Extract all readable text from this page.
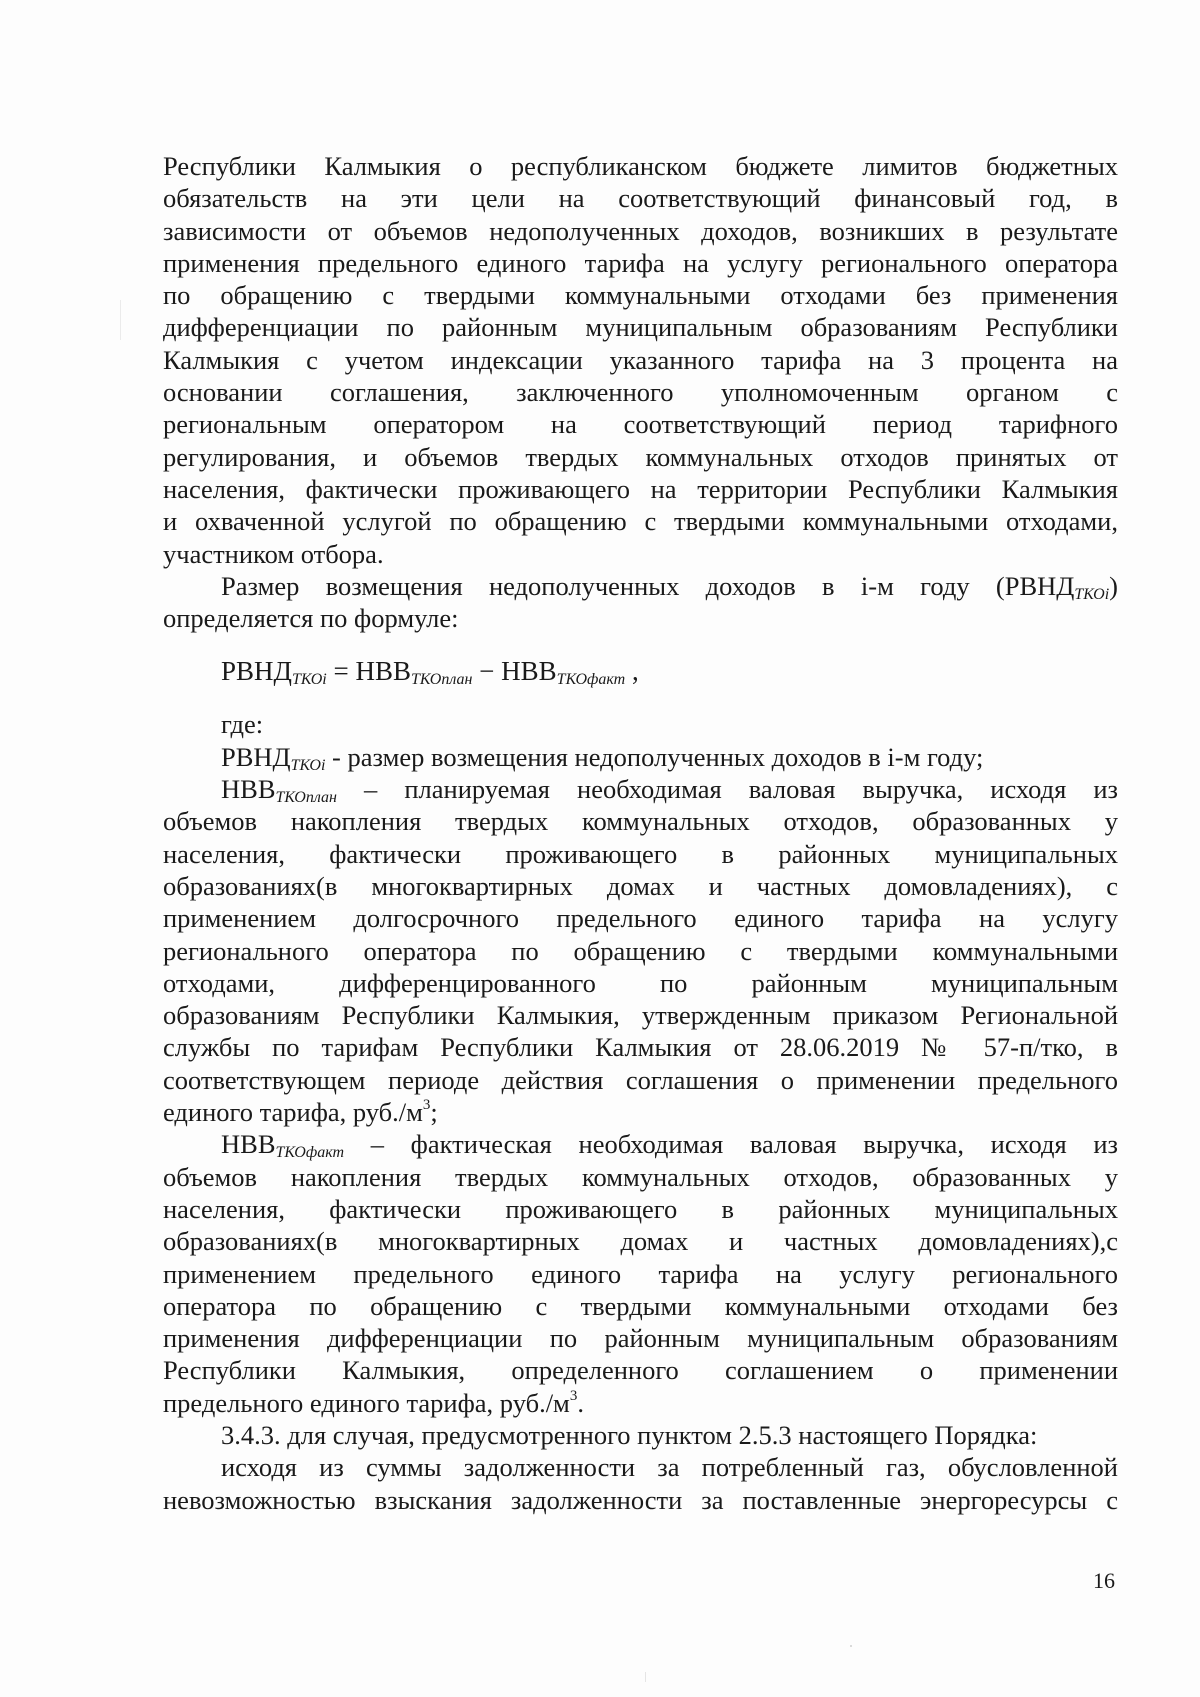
Республики Калмыкия о республиканском бюджете лимитов бюджетных
обязательств на эти цели на соответствующий финансовый год, в
зависимости от объемов недополученных доходов, возникших в результате
применения предельного единого тарифа на услугу регионального оператора
по обращению с твердыми коммунальными отходами без применения
дифференциации по районным муниципальным образованиям Республики
Калмыкия с учетом индексации указанного тарифа на 3 процента на
основании соглашения, заключенного уполномоченным органом с
региональным оператором на соответствующий период тарифного
регулирования, и объемов твердых коммунальных отходов принятых от
населения, фактически проживающего на территории Республики Калмыкия
и охваченной услугой по обращению с твердыми коммунальными отходами,
участником отбора.
Размер возмещения недополученных доходов в i-м году $(РВНД_{ТКОi})$
определяется по формуле:
$РВНД_{ТКОi} = НВВ_{ТКОплан} - НВВ_{ТКОфакт}$ ,
где:
$РВНД_{ТКОi}$ - размер возмещения недополученных доходов в i-м году;
$НВВ_{ТКОплан}$ – планируемая необходимая валовая выручка, исходя из
объемов накопления твердых коммунальных отходов, образованных у
населения, фактически проживающего в районных муниципальных
образованиях(в многоквартирных домах и частных домовладениях), с
применением долгосрочного предельного единого тарифа на услугу
регионального оператора по обращению с твердыми коммунальными
отходами, дифференцированного по районным муниципальным
образованиям Республики Калмыкия, утвержденным приказом Региональной
службы по тарифам Республики Калмыкия от 28.06.2019 № 57-п/тко, в
соответствующем периоде действия соглашения о применении предельного
единого тарифа, $руб./м^3$;
$НВВ_{ТКОфакт}$ – фактическая необходимая валовая выручка, исходя из
объемов накопления твердых коммунальных отходов, образованных у
населения, фактически проживающего в районных муниципальных
образованиях(в многоквартирных домах и частных домовладениях),с
применением предельного единого тарифа на услугу регионального
оператора по обращению с твердыми коммунальными отходами без
применения дифференциации по районным муниципальным образованиям
Республики Калмыкия, определенного соглашением о применении
предельного единого тарифа, $руб./м^3$.
3.4.3. для случая, предусмотренного пунктом 2.5.3 настоящего Порядка:
исходя из суммы задолженности за потребленный газ, обусловленной
невозможностью взыскания задолженности за поставленные энергоресурсы с
16
